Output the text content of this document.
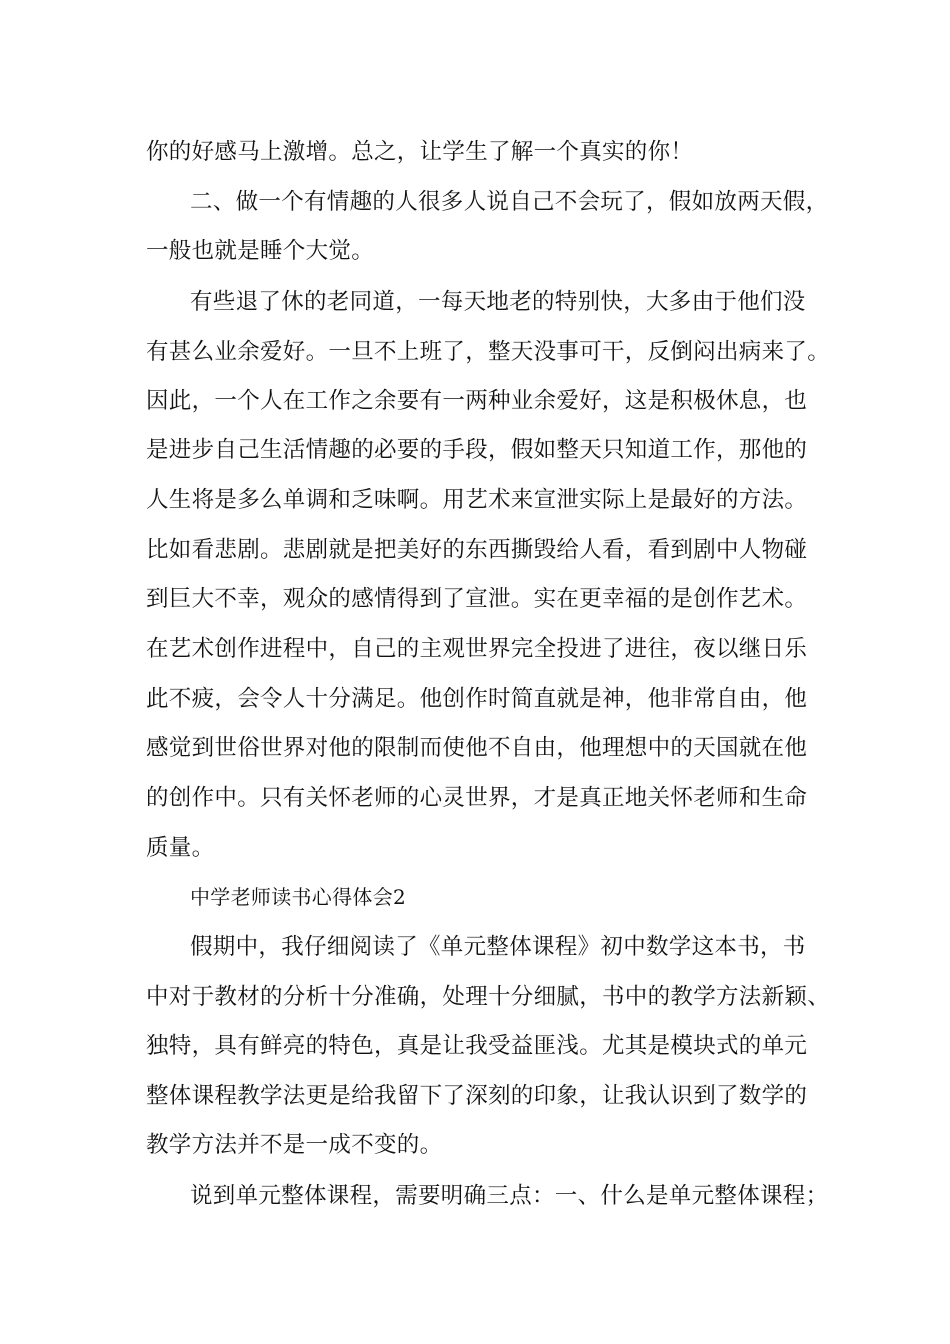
你的好感马上激增。总之，让学生了解一个真实的你！
二、做一个有情趣的人很多人说自己不会玩了，假如放两天假，
一般也就是睡个大觉。
有些退了休的老同道，一每天地老的特别快，大多由于他们没
有甚么业余爱好。一旦不上班了，整天没事可干，反倒闷出病来了。
因此，一个人在工作之余要有一两种业余爱好，这是积极休息，也
是进步自己生活情趣的必要的手段，假如整天只知道工作，那他的
人生将是多么单调和乏味啊。用艺术来宣泄实际上是最好的方法。
比如看悲剧。悲剧就是把美好的东西撕毁给人看，看到剧中人物碰
到巨大不幸，观众的感情得到了宣泄。实在更幸福的是创作艺术。
在艺术创作进程中，自己的主观世界完全投进了进往，夜以继日乐
此不疲，会令人十分满足。他创作时简直就是神，他非常自由，他
感觉到世俗世界对他的限制而使他不自由，他理想中的天国就在他
的创作中。只有关怀老师的心灵世界，才是真正地关怀老师和生命
质量。
中学老师读书心得体会2
假期中，我仔细阅读了《单元整体课程》初中数学这本书，书
中对于教材的分析十分准确，处理十分细腻，书中的教学方法新颖、
独特，具有鲜亮的特色，真是让我受益匪浅。尤其是模块式的单元
整体课程教学法更是给我留下了深刻的印象，让我认识到了数学的
教学方法并不是一成不变的。
说到单元整体课程，需要明确三点：一、什么是单元整体课程；
